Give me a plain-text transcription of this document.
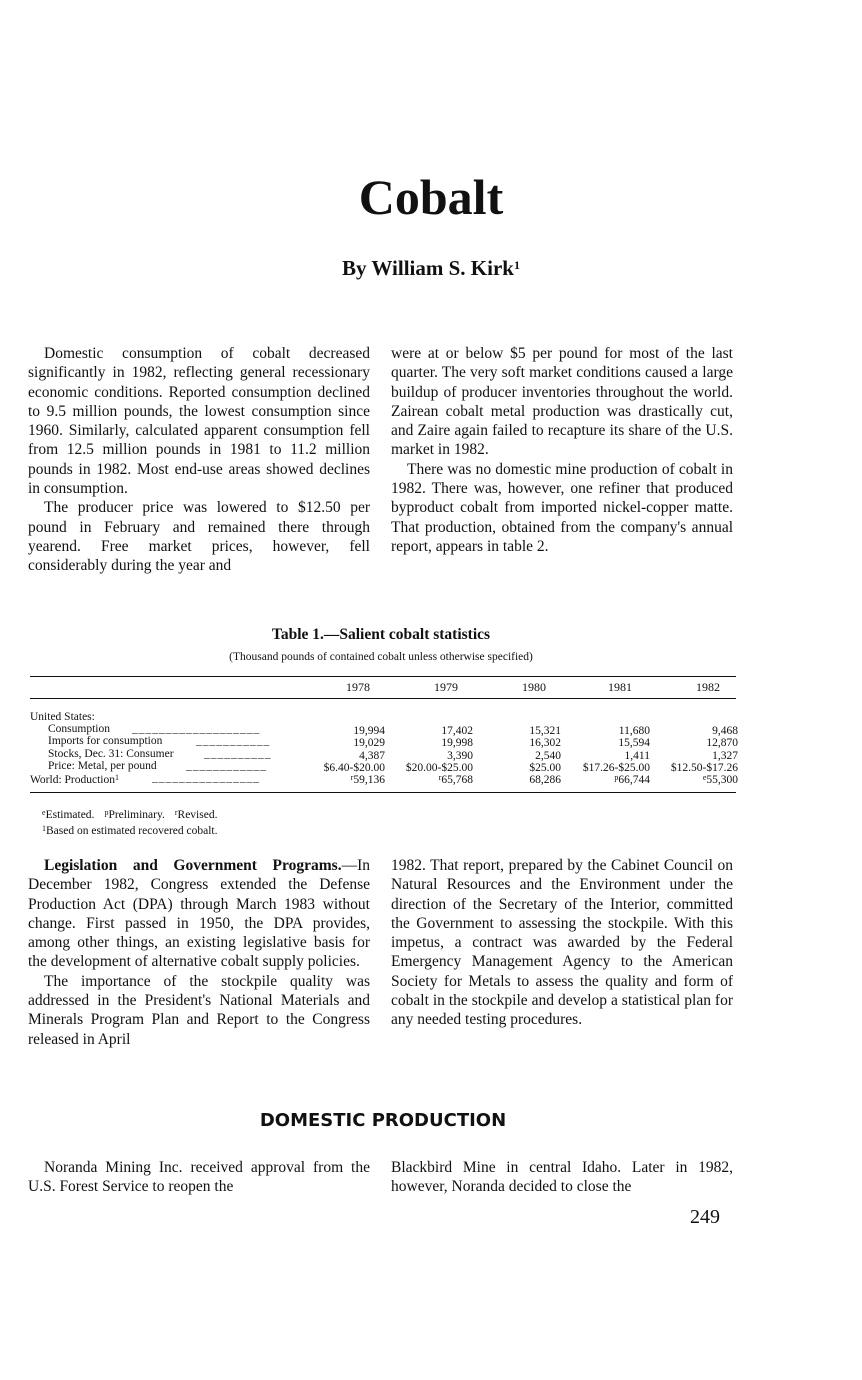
Cobalt
By William S. Kirk$^1$

Domestic consumption of cobalt decreased significantly in 1982, reflecting general recessionary economic conditions. Reported consumption declined to 9.5 million pounds, the lowest consumption since 1960. Similarly, calculated apparent consumption fell from 12.5 million pounds in 1981 to 11.2 million pounds in 1982. Most end-use areas showed declines in consumption.

The producer price was lowered to $12.50 per pound in February and remained there through yearend. Free market prices, however, fell considerably during the year and

were at or below $5 per pound for most of the last quarter. The very soft market conditions caused a large buildup of producer inventories throughout the world. Zairean cobalt metal production was drastically cut, and Zaire again failed to recapture its share of the U.S. market in 1982.

There was no domestic mine production of cobalt in 1982. There was, however, one refiner that produced byproduct cobalt from imported nickel-copper matte. That production, obtained from the company's annual report, appears in table 2.

Table 1.—Salient cobalt statistics
(Thousand pounds of contained cobalt unless otherwise specified)
1978	1979	1980	1981	1982
United States:
Consumption ___________________	19,994	17,402	15,321	11,680	9,468
Imports for consumption	___________	19,029	19,998	16,302	15,594	12,870
Stocks, Dec. 31: Consumer	__________	4,387	3,390	2,540	1,411	1,327
Price: Metal, per pound	____________	$6.40-$20.00	$20.00-$25.00	$25.00	$17.26-$25.00	$12.50-$17.26
World: Production$^1$	________________	$^r$59,136	$^r$65,768	68,286	$^p$66,744	$^e$55,300
$^e$Estimated. $^p$Preliminary. $^r$Revised.
$^1$Based on estimated recovered cobalt.

Legislation and Government Programs.—In December 1982, Congress extended the Defense Production Act (DPA) through March 1983 without change. First passed in 1950, the DPA provides, among other things, an existing legislative basis for the development of alternative cobalt supply policies.

The importance of the stockpile quality was addressed in the President's National Materials and Minerals Program Plan and Report to the Congress released in April

1982. That report, prepared by the Cabinet Council on Natural Resources and the Environment under the direction of the Secretary of the Interior, committed the Government to assessing the stockpile. With this impetus, a contract was awarded by the Federal Emergency Management Agency to the American Society for Metals to assess the quality and form of cobalt in the stockpile and develop a statistical plan for any needed testing procedures.

DOMESTIC PRODUCTION

Noranda Mining Inc. received approval from the U.S. Forest Service to reopen the

Blackbird Mine in central Idaho. Later in 1982, however, Noranda decided to close the

249
